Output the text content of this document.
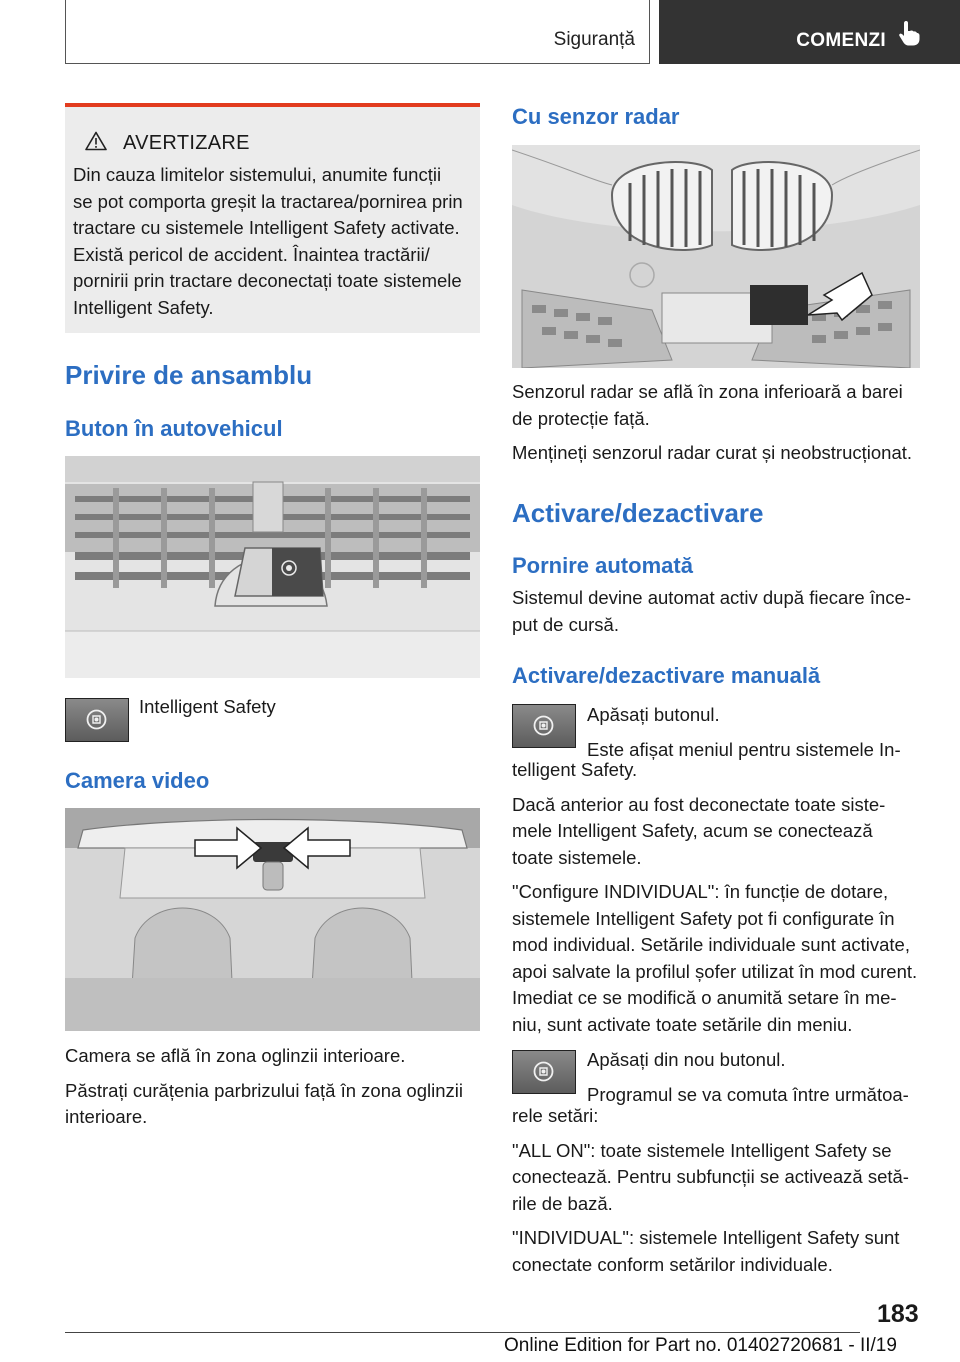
Siguranță	COMENZI
AVERTIZARE
Din cauza limitelor sistemului, anumite funcții
se pot comporta greșit la tractarea/pornirea prin
tractare cu sistemele Intelligent Safety activate.
Există pericol de accident. Înaintea tractării/
pornirii prin tractare deconectați toate sistemele
Intelligent Safety.
Privire de ansamblu
Buton în autovehicul

Intelligent Safety

Camera video

Camera se află în zona oglinzii interioare.
Păstrați curățenia parbrizului față în zona oglinzii
interioare.

Cu senzor radar

Senzorul radar se află în zona inferioară a barei
de protecție față.
Mențineți senzorul radar curat și neobstrucționat.

Activare/dezactivare
Pornire automată

Sistemul devine automat activ după fiecare înce-
put de cursă.

Activare/dezactivare manuală

Apăsați butonul.
Este afișat meniul pentru sistemele In-

telligent Safety.
Dacă anterior au fost deconectate toate siste-
mele Intelligent Safety, acum se conectează
toate sistemele.
"Configure INDIVIDUAL": în funcție de dotare,
sistemele Intelligent Safety pot fi configurate în
mod individual. Setările individuale sunt activate,
apoi salvate la profilul șofer utilizat în mod curent.
Imediat ce se modifică o anumită setare în me-
niu, sunt activate toate setările din meniu.

Apăsați din nou butonul.
Programul se va comuta între următoa-

rele setări:
"ALL ON": toate sistemele Intelligent Safety se
conectează. Pentru subfuncții se activează setă-
rile de bază.
"INDIVIDUAL": sistemele Intelligent Safety sunt
conectate conform setărilor individuale.

183
Online Edition for Part no. 01402720681 - II/19
